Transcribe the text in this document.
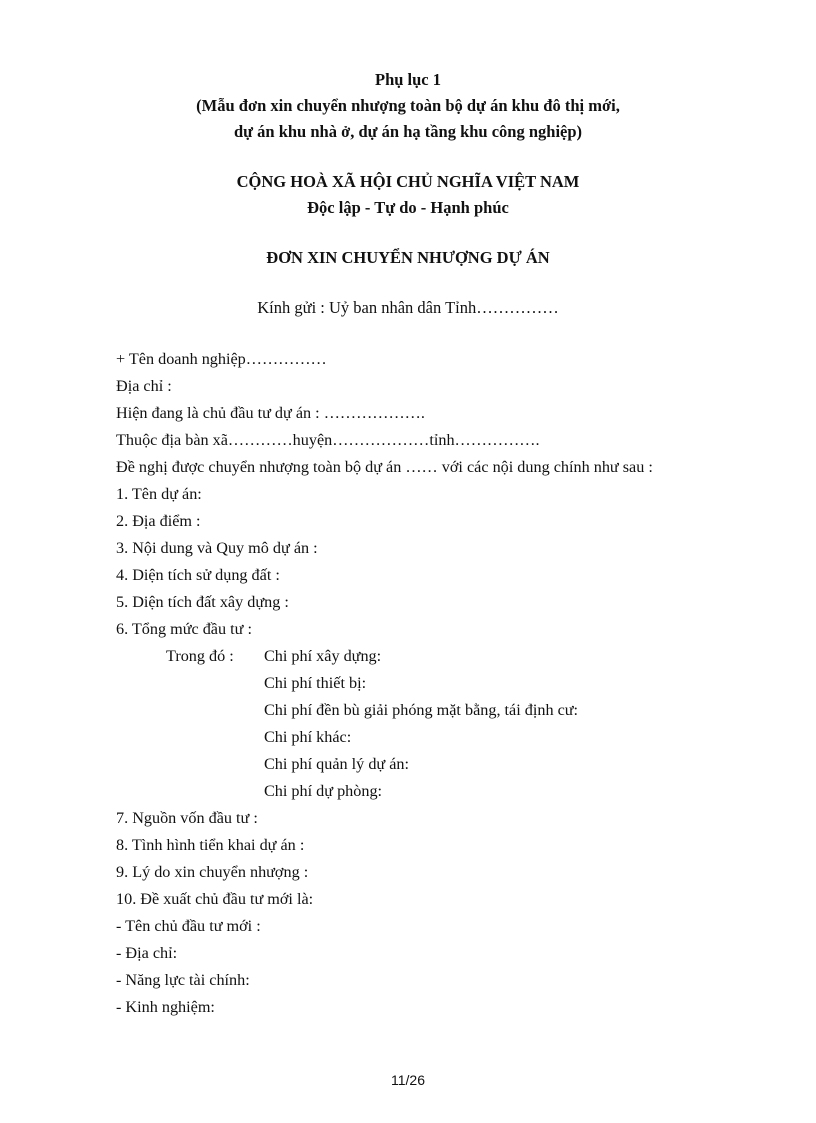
Phụ lục 1
(Mẫu đơn xin chuyển nhượng toàn bộ dự án khu đô thị mới,
dự án khu nhà ở, dự án hạ tầng khu công nghiệp)
CỘNG HOÀ XÃ HỘI CHỦ NGHĨA VIỆT NAM
Độc lập - Tự do - Hạnh phúc
ĐƠN XIN CHUYỂN NHƯỢNG DỰ ÁN
Kính gửi : Uỷ ban nhân dân Tỉnh……………
+ Tên doanh nghiệp……………
Địa chỉ :
Hiện đang là chủ đầu tư dự án : ……………….
Thuộc địa bàn xã…………huyện………………tỉnh…………….
Đề nghị được chuyển nhượng toàn bộ dự án …… với các nội dung chính như sau :
1. Tên dự án:
2. Địa điểm :
3. Nội dung và Quy mô dự án :
4. Diện tích sử dụng đất :
5. Diện tích đất xây dựng :
6. Tổng mức đầu tư :
Trong đó : Chi phí xây dựng:
Chi phí thiết bị:
Chi phí đền bù giải phóng mặt bằng, tái định cư:
Chi phí khác:
Chi phí quản lý dự án:
Chi phí dự phòng:
7. Nguồn vốn đầu tư :
8. Tình hình tiển khai dự án :
9. Lý do xin chuyển nhượng :
10. Đề xuất chủ đầu tư mới là:
- Tên chủ đầu tư mới :
- Địa chỉ:
- Năng lực tài chính:
- Kinh nghiệm:
11/26
